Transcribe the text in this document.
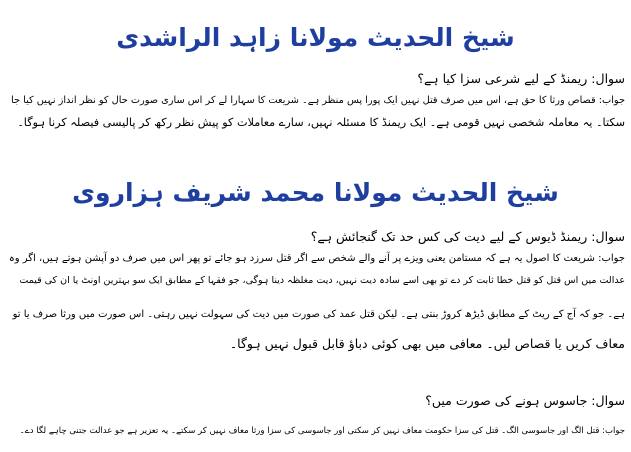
شیخ الحدیث مولانا زاہد الراشدی
سوال: ریمنڈ کے لیے شرعی سزا کیا ہے؟
جواب: قصاص ورثا کا حق ہے، اس میں صرف قتل نہیں ایک پورا پس منظر ہے۔ شریعت کا سہارا لے کر اس ساری صورت حال کو نظر انداز نہیں کیا جا
سکتا۔ یہ معاملہ شخصی نہیں قومی ہے۔ ایک ریمنڈ کا مسئلہ نہیں، سارے معاملات کو پیش نظر رکھ کر پالیسی فیصلہ کرنا ہوگا۔
شیخ الحدیث مولانا محمد شریف ہزاروی
سوال: ریمنڈ ڈیوس کے لیے دیت کی کس حد تک گنجائش ہے؟
جواب: شریعت کا اصول یہ ہے کہ مستامن یعنی ویزے پر آنے والے شخص سے اگر قتل سرزد ہو جائے تو پھر اس میں صرف دو آپشن ہوتے ہیں، اگر وہ
عدالت میں اس قتل کو قتل خطا ثابت کر دے تو بھی اسے سادہ دیت نہیں، دیت مغلظہ دینا ہوگی، جو فقہا کے مطابق ایک سو بہترین اونٹ یا ان کی قیمت
ہے۔ جو کہ آج کے ریٹ کے مطابق ڈیڑھ کروڑ بنتی ہے۔ لیکن قتل عمد کی صورت میں دیت کی سہولت نہیں رہتی۔ اس صورت میں ورثا صرف یا تو
معاف کریں یا قصاص لیں۔ معافی میں بھی کوئی دباؤ قابل قبول نہیں ہوگا۔
سوال: جاسوس ہونے کی صورت میں؟
جواب: قتل الگ اور جاسوسی الگ۔ قتل کی سزا حکومت معاف نہیں کر سکتی اور جاسوسی کی سزا ورثا معاف نہیں کر سکتے۔ یہ تعزیر ہے جو عدالت جتنی چاہے لگا دے۔
